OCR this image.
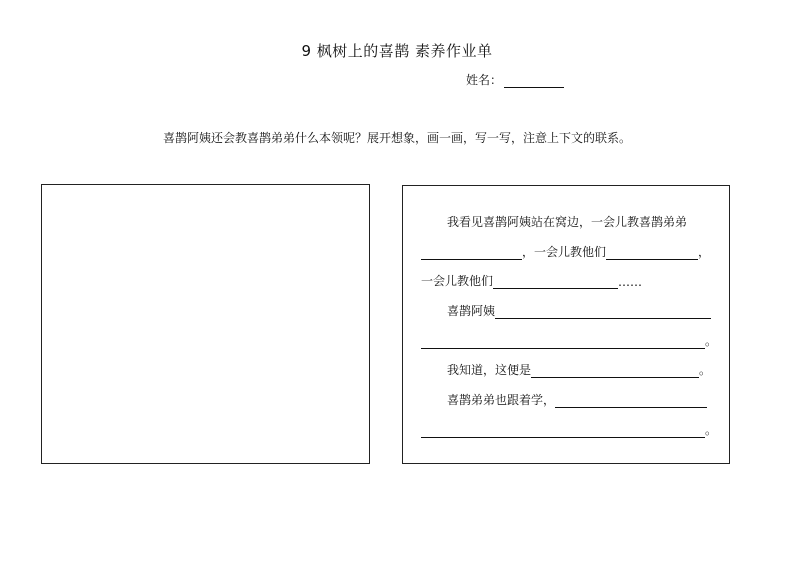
9 枫树上的喜鹊 素养作业单
姓名：
喜鹊阿姨还会教喜鹊弟弟什么本领呢？展开想象，画一画，写一写，注意上下文的联系。
我看见喜鹊阿姨站在窝边，一会儿教喜鹊弟弟
，一会儿教他们	，
一会儿教他们	……
喜鹊阿姨
。
我知道，这便是	。
喜鹊弟弟也跟着学，
。
